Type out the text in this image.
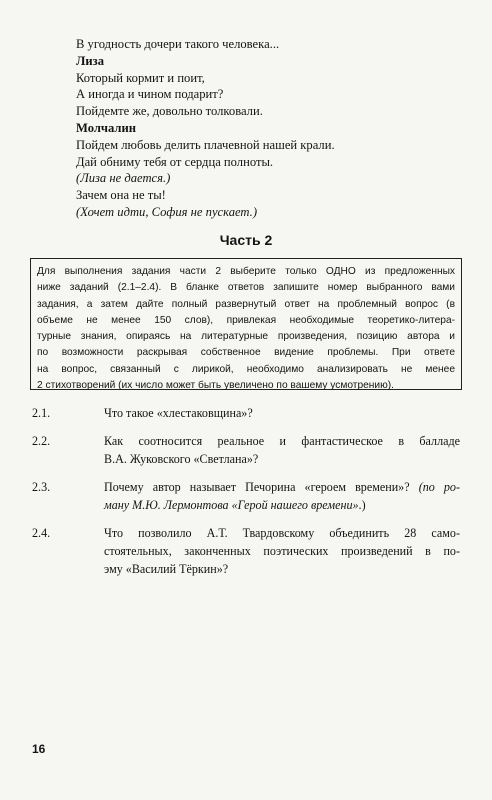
В угодность дочери такого человека...
Лиза
Который кормит и поит,
А иногда и чином подарит?
Пойдемте же, довольно толковали.
Молчалин
Пойдем любовь делить плачевной нашей крали.
Дай обниму тебя от сердца полноты.
(Лиза не дается.)
Зачем она не ты!
(Хочет идти, София не пускает.)
Часть 2
Для выполнения задания части 2 выберите только ОДНО из предложенных
ниже заданий (2.1–2.4). В бланке ответов запишите номер выбранного вами
задания, а затем дайте полный развернутый ответ на проблемный вопрос (в
объеме не менее 150 слов), привлекая необходимые теоретико-литера-
турные знания, опираясь на литературные произведения, позицию автора и
по возможности раскрывая собственное видение проблемы. При ответе
на вопрос, связанный с лирикой, необходимо анализировать не менее
2 стихотворений (их число может быть увеличено по вашему усмотрению).
2.1.	Что такое «хлестаковщина»?
2.2.	Как соотносится реальное и фантастическое в балладе
В.А. Жуковского «Светлана»?
2.3.	Почему автор называет Печорина «героем времени»? (по ро-
ману М.Ю. Лермонтова «Герой нашего времени».)
2.4.	Что позволило А.Т. Твардовскому объединить 28 само-
стоятельных, законченных поэтических произведений в по-
эму «Василий Тёркин»?
16
